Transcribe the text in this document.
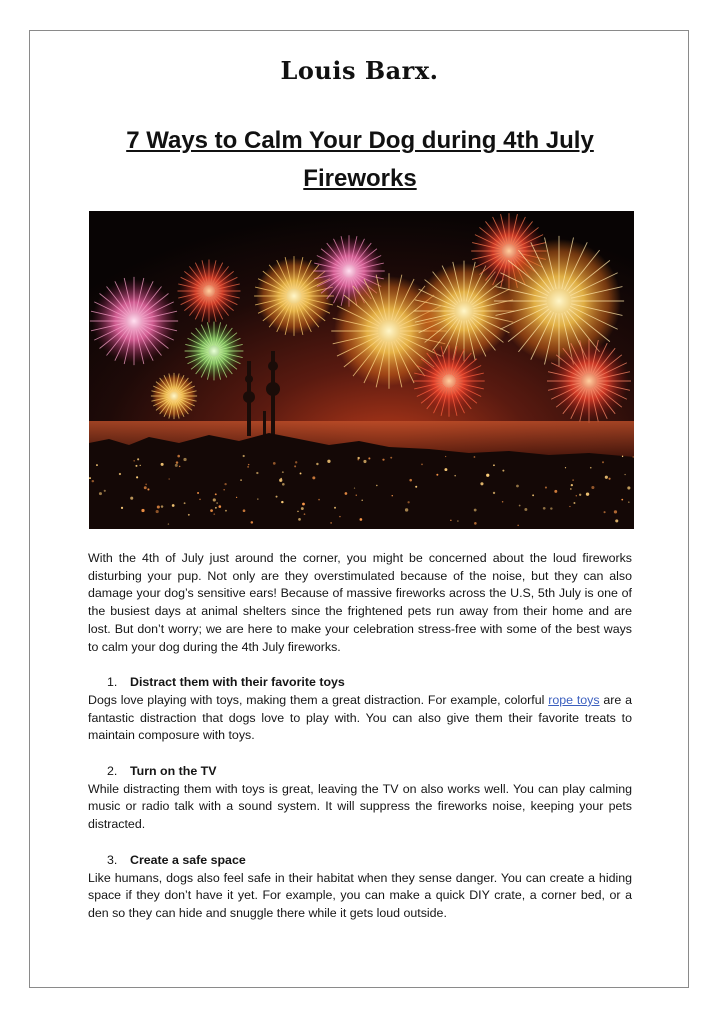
Louis Barx.
7 Ways to Calm Your Dog during 4th July Fireworks

With the 4th of July just around the corner, you might be concerned about the loud fireworks disturbing your pup. Not only are they overstimulated because of the noise, but they can also damage your dog’s sensitive ears! Because of massive fireworks across the U.S, 5th July is one of the busiest days at animal shelters since the frightened pets run away from their home and are lost. But don’t worry; we are here to make your celebration stress-free with some of the best ways to calm your dog during the 4th July fireworks.

1.	Distract them with their favorite toys

Dogs love playing with toys, making them a great distraction. For example, colorful rope toys are a fantastic distraction that dogs love to play with. You can also give them their favorite treats to maintain composure with toys.

2.	Turn on the TV

While distracting them with toys is great, leaving the TV on also works well. You can play calming music or radio talk with a sound system. It will suppress the fireworks noise, keeping your pets distracted.

3.	Create a safe space

Like humans, dogs also feel safe in their habitat when they sense danger. You can create a hiding space if they don’t have it yet. For example, you can make a quick DIY crate, a corner bed, or a den so they can hide and snuggle there while it gets loud outside.
